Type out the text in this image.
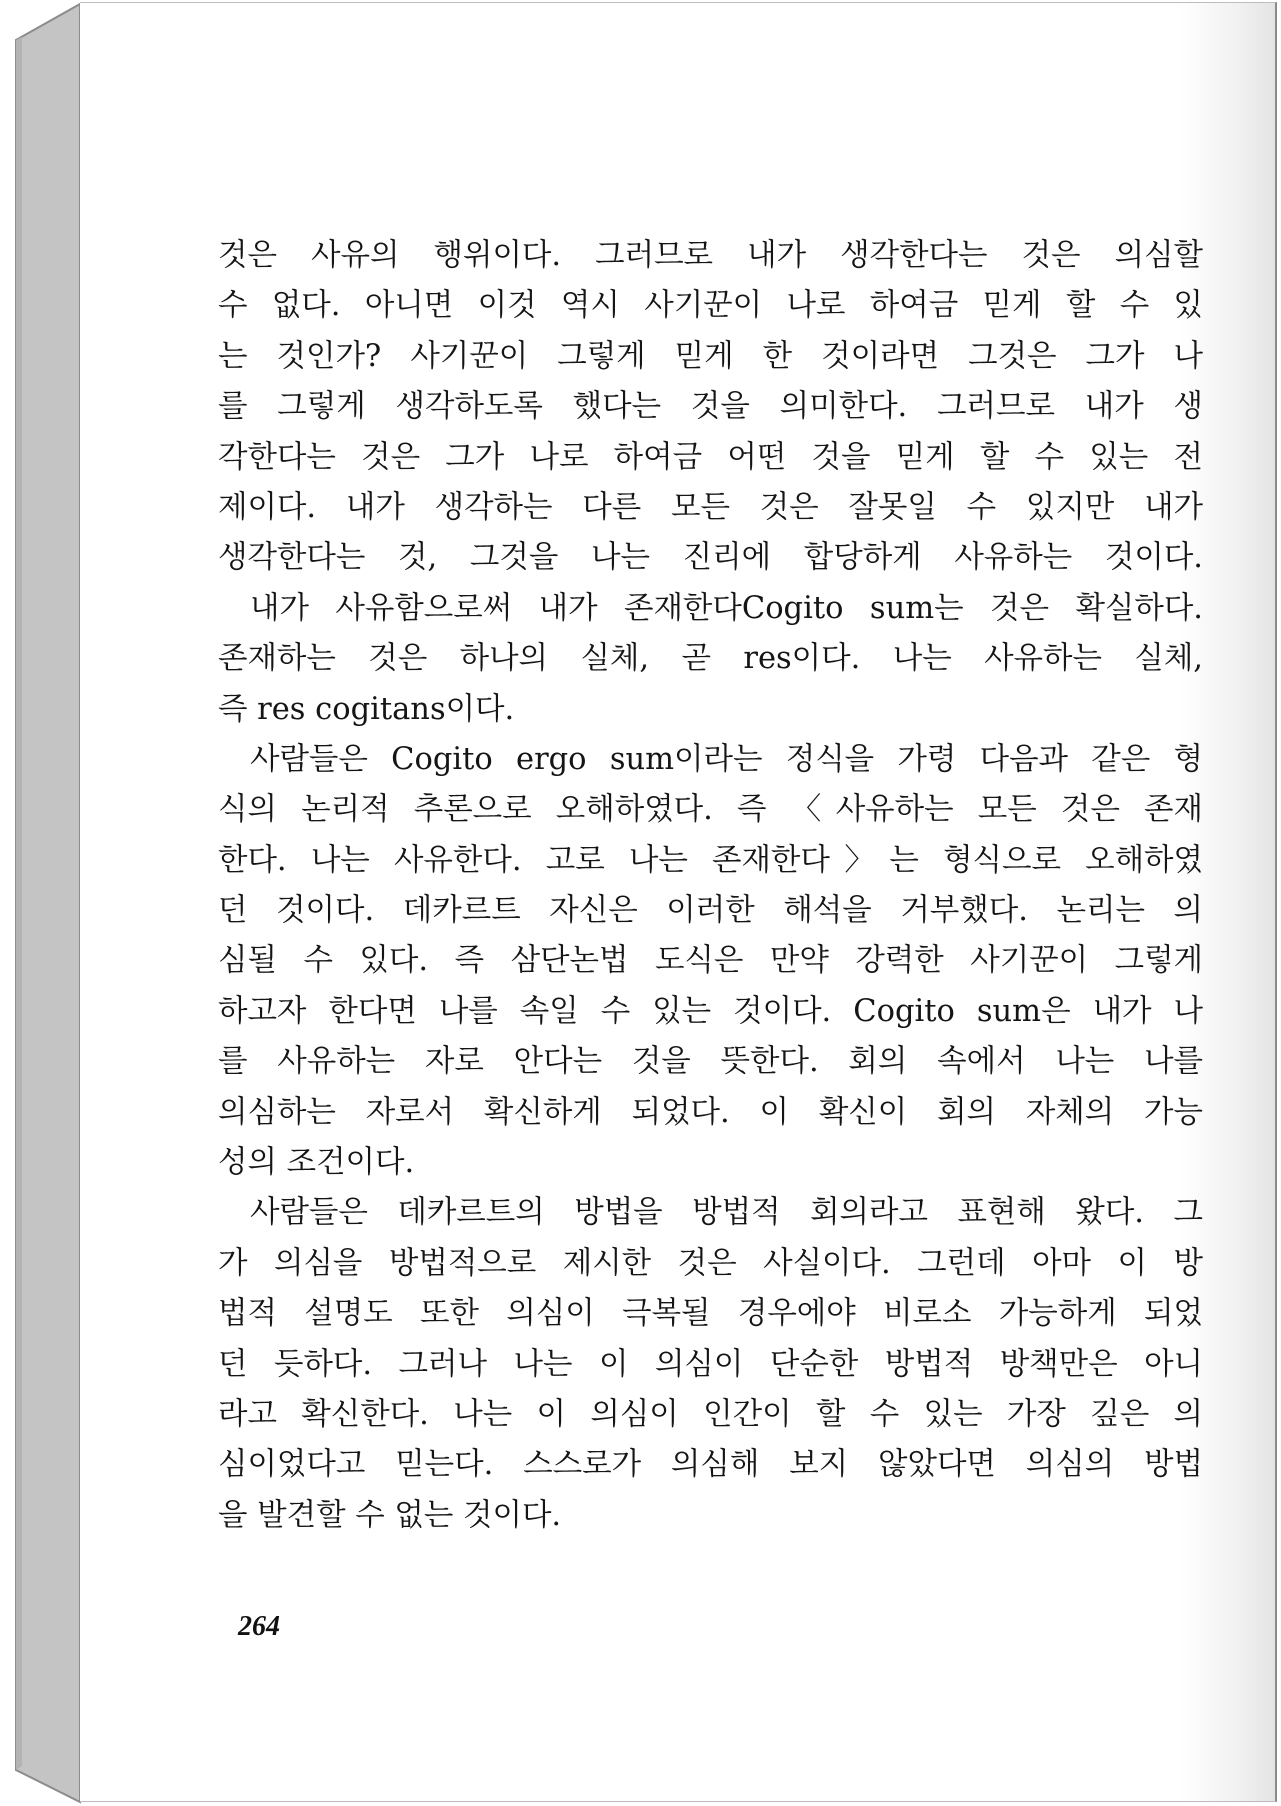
것은 사유의 행위이다. 그러므로 내가 생각한다는 것은 의심할
수 없다. 아니면 이것 역시 사기꾼이 나로 하여금 믿게 할 수 있
는 것인가? 사기꾼이 그렇게 믿게 한 것이라면 그것은 그가 나
를 그렇게 생각하도록 했다는 것을 의미한다. 그러므로 내가 생
각한다는 것은 그가 나로 하여금 어떤 것을 믿게 할 수 있는 전
제이다. 내가 생각하는 다른 모든 것은 잘못일 수 있지만 내가
생각한다는 것, 그것을 나는 진리에 합당하게 사유하는 것이다.
내가 사유함으로써 내가 존재한다Cogito sum는 것은 확실하다.
존재하는 것은 하나의 실체, 곧 res이다. 나는 사유하는 실체,
즉 res cogitans이다.
사람들은 Cogito ergo sum이라는 정식을 가령 다음과 같은 형
식의 논리적 추론으로 오해하였다. 즉 〈사유하는 모든 것은 존재
한다. 나는 사유한다. 고로 나는 존재한다〉는 형식으로 오해하였
던 것이다. 데카르트 자신은 이러한 해석을 거부했다. 논리는 의
심될 수 있다. 즉 삼단논법 도식은 만약 강력한 사기꾼이 그렇게
하고자 한다면 나를 속일 수 있는 것이다. Cogito sum은 내가 나
를 사유하는 자로 안다는 것을 뜻한다. 회의 속에서 나는 나를
의심하는 자로서 확신하게 되었다. 이 확신이 회의 자체의 가능
성의 조건이다.
사람들은 데카르트의 방법을 방법적 회의라고 표현해 왔다. 그
가 의심을 방법적으로 제시한 것은 사실이다. 그런데 아마 이 방
법적 설명도 또한 의심이 극복될 경우에야 비로소 가능하게 되었
던 듯하다. 그러나 나는 이 의심이 단순한 방법적 방책만은 아니
라고 확신한다. 나는 이 의심이 인간이 할 수 있는 가장 깊은 의
심이었다고 믿는다. 스스로가 의심해 보지 않았다면 의심의 방법
을 발견할 수 없는 것이다.
264
